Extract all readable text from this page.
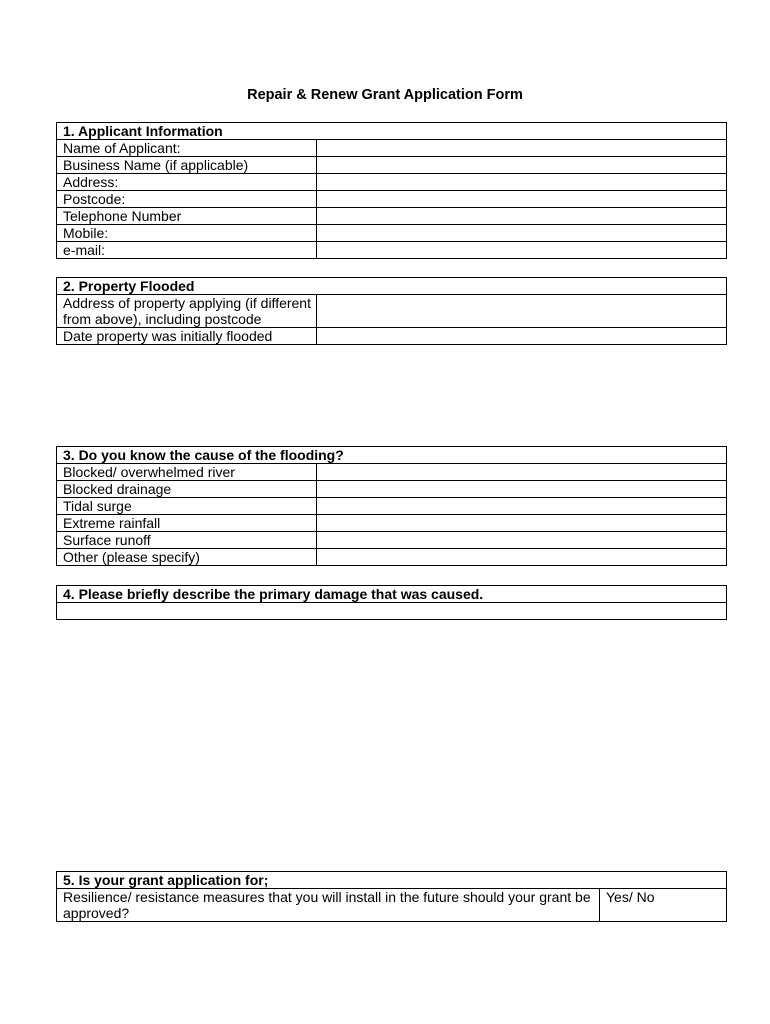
Repair & Renew Grant Application Form
1. Applicant Information	
Name of Applicant:	
Business Name (if applicable)	
Address:	
Postcode:	
Telephone Number	
Mobile:	
e-mail:	
2. Property Flooded	
Address of property applying (if different from above), including postcode	
Date property was initially flooded	
3. Do you know the cause of the flooding?	
Blocked/ overwhelmed river	
Blocked drainage	
Tidal surge	
Extreme rainfall	
Surface runoff	
Other (please specify)	
4. Please briefly describe the primary damage that was caused.

5. Is your grant application for;
Resilience/ resistance measures that you will install in the future should your grant be approved?	Yes/ No
